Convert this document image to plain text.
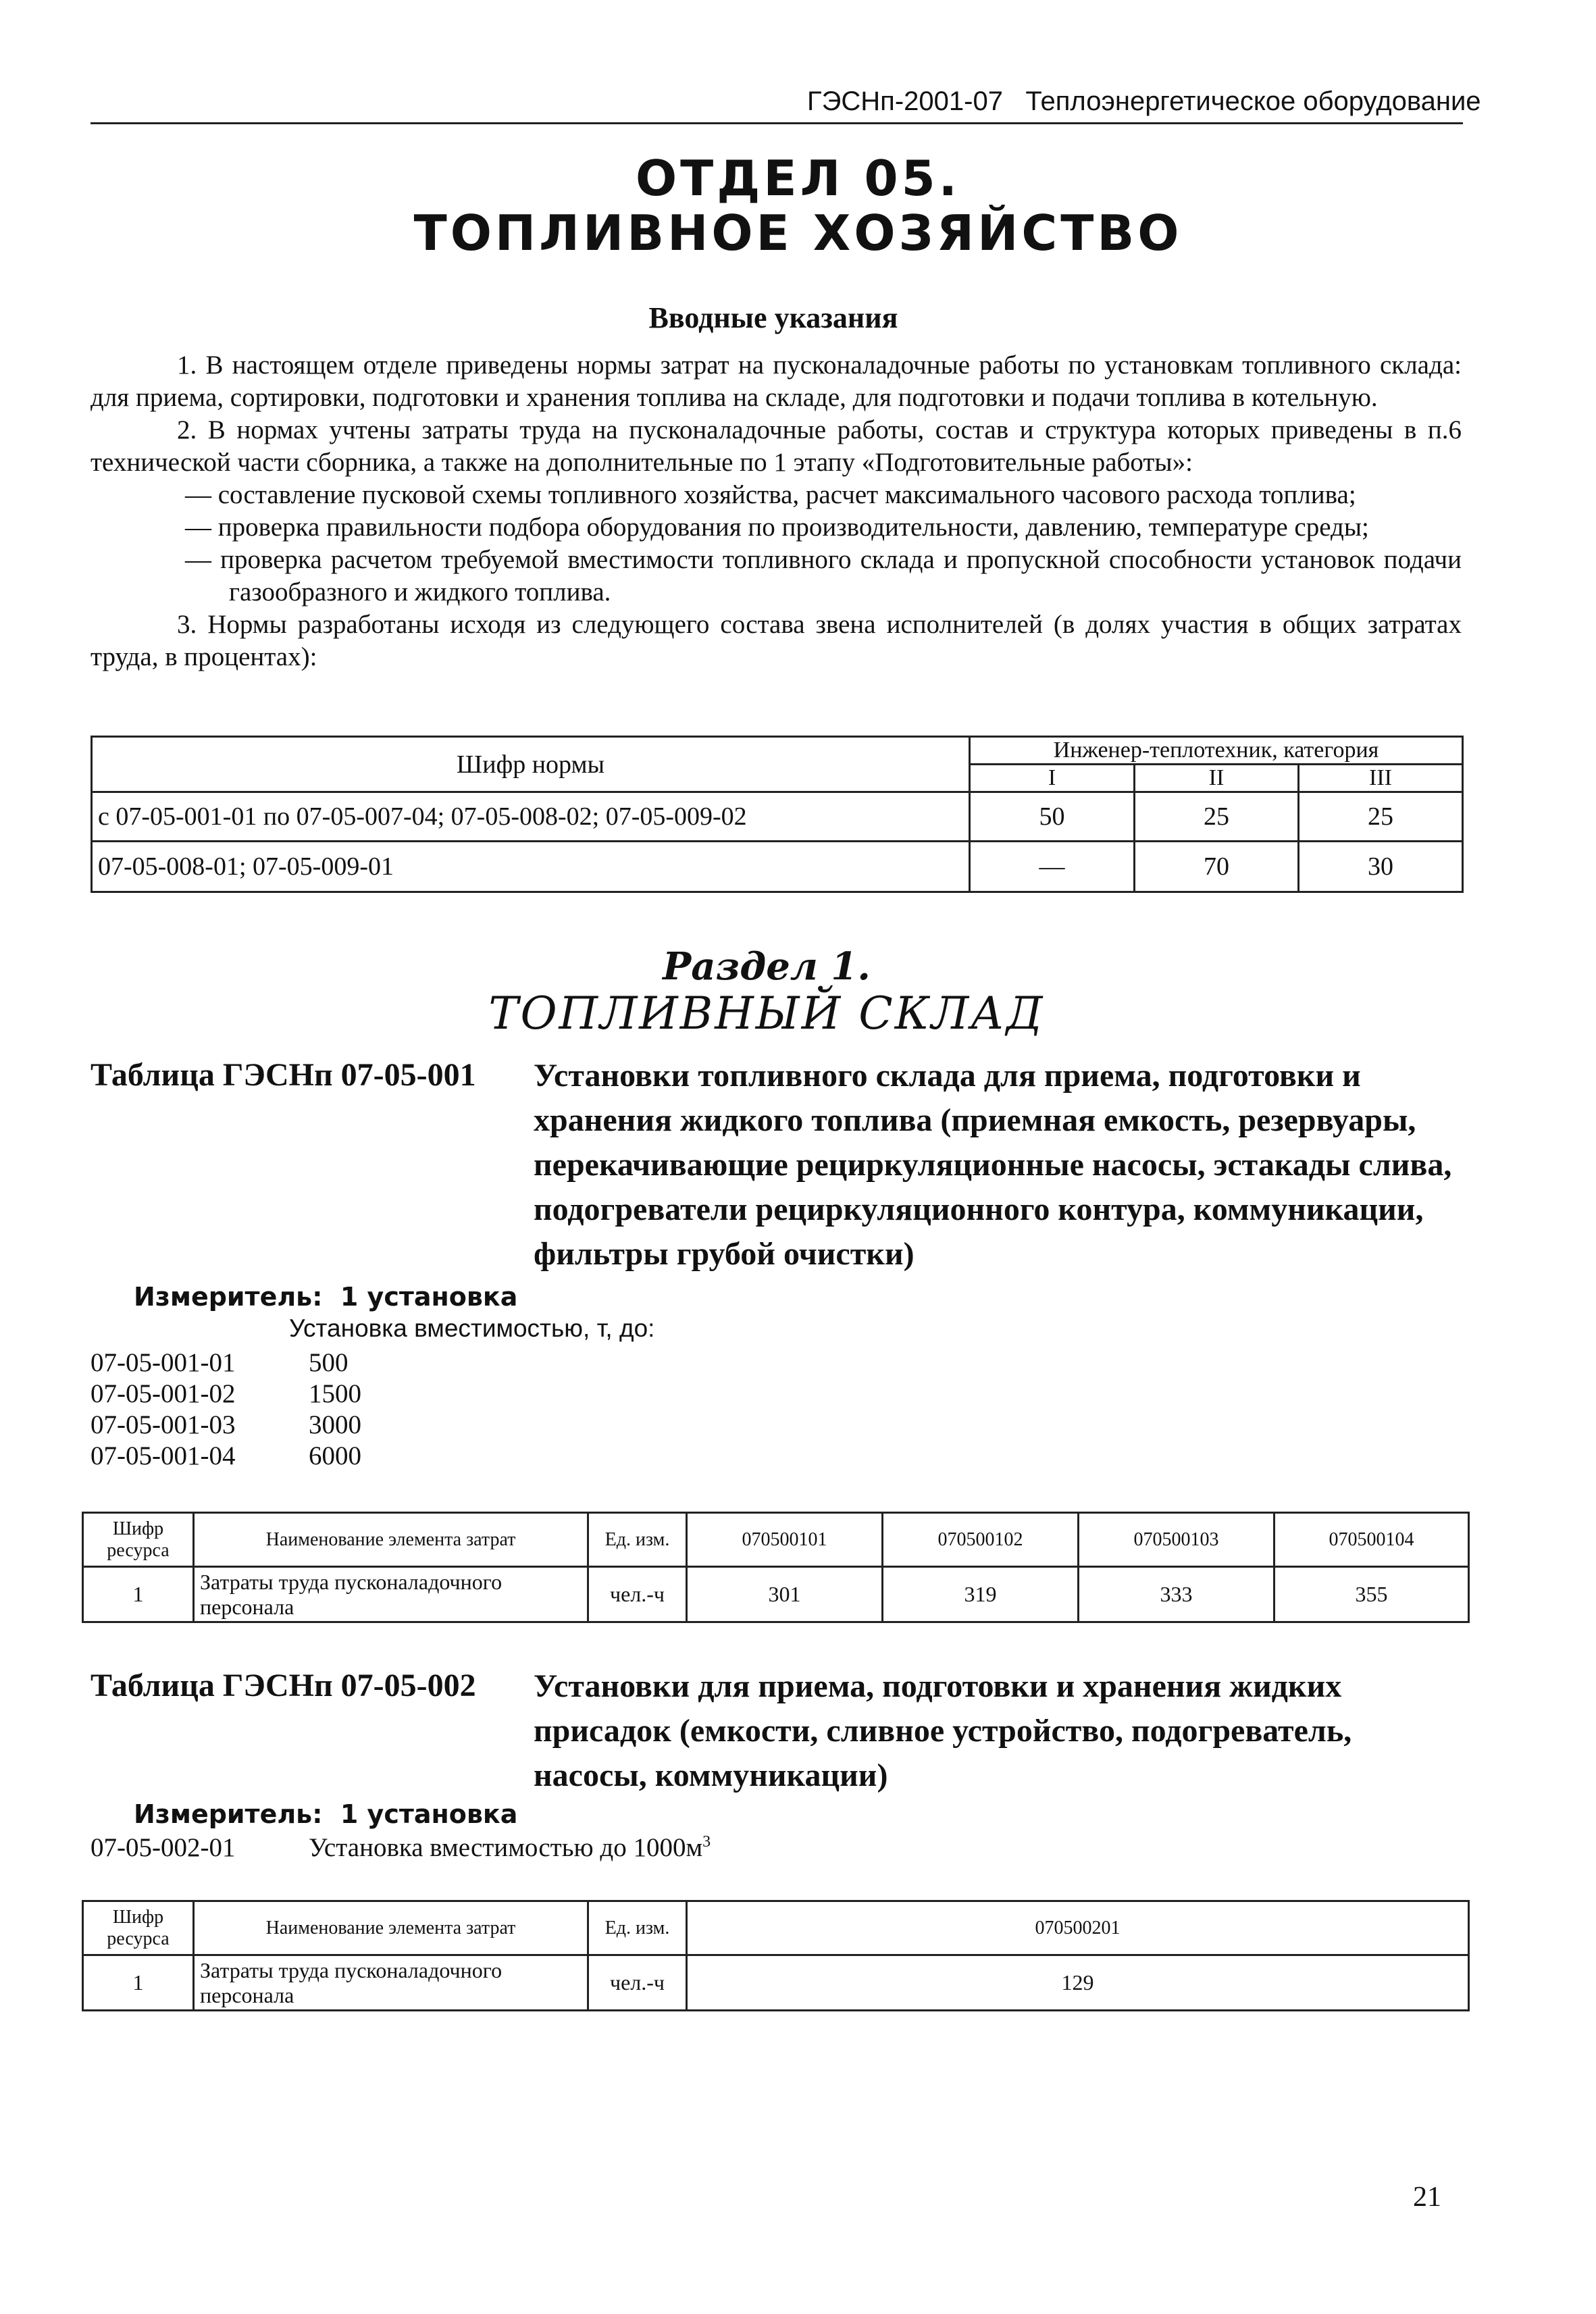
ГЭСНп-2001-07 Теплоэнергетическое оборудование
ОТДЕЛ 05.
ТОПЛИВНОЕ ХОЗЯЙСТВО
Вводные указания

1. В настоящем отделе приведены нормы затрат на пусконаладочные работы по установкам топливного склада: для приема, сортировки, подготовки и хранения топлива на складе, для подготовки и подачи топлива в котельную.

2. В нормах учтены затраты труда на пусконаладочные работы, состав и структура которых приведены в п.6 технической части сборника, а также на дополнительные по 1 этапу «Подготовительные работы»:

— составление пусковой схемы топливного хозяйства, расчет максимального часового расхода топлива;

— проверка правильности подбора оборудования по производительности, давлению, температуре среды;

— проверка расчетом требуемой вместимости топливного склада и пропускной способности установок подачи газообразного и жидкого топлива.

3. Нормы разработаны исходя из следующего состава звена исполнителей (в долях участия в общих затратах труда, в процентах):

Шифр нормы	Инженер-теплотехник, категория		
	I	II	III
с 07-05-001-01 по 07-05-007-04; 07-05-008-02; 07-05-009-02	50	25	25
07-05-008-01; 07-05-009-01	—	70	30
Раздел 1.
ТОПЛИВНЫЙ СКЛАД
Таблица ГЭСНп 07-05-001 Установки топливного склада для приема, подготовки и хранения жидкого топлива (приемная емкость, резервуары, перекачивающие рециркуляционные насосы, эстакады слива, подогреватели рециркуляционного контура, коммуникации, фильтры грубой очистки)
Измеритель: 1 установка
Установка вместимостью, т, до:
07-05-001-01	500
07-05-001-02	1500
07-05-001-03	3000
07-05-001-04	6000
Шифр ресурса	Наименование элемента затрат	Ед. изм.	070500101	070500102	070500103	070500104
1	Затраты труда пусконаладочного персонала	чел.-ч	301	319	333	355
Таблица ГЭСНп 07-05-002 Установки для приема, подготовки и хранения жидких присадок (емкости, сливное устройство, подогреватель, насосы, коммуникации)
Измеритель: 1 установка
07-05-002-01	Установка вместимостью до $1000м^3$
Шифр ресурса	Наименование элемента затрат	Ед. изм.	070500201
1	Затраты труда пусконаладочного персонала	чел.-ч	129
21
